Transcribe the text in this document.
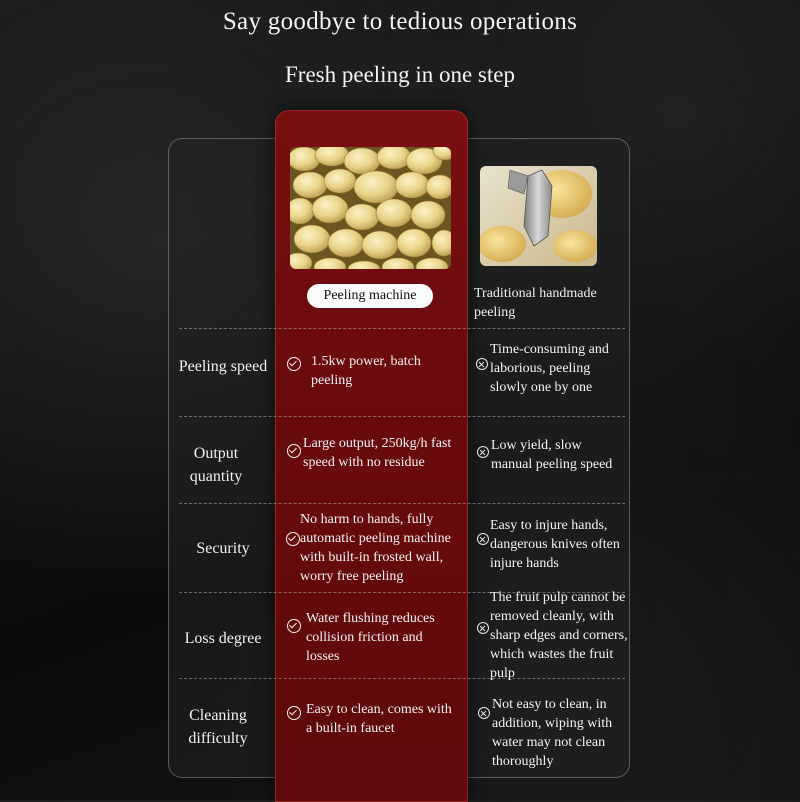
Say goodbye to tedious operations
Fresh peeling in one step
Peeling machine	Traditional handmade peeling
Peeling speed	1.5kw power, batch peeling
Time-consuming and laborious, peeling slowly one by one
Output quantity
Large output, 250kg/h fast speed with no residue
Low yield, slow manual peeling speed
Security
No harm to hands, fully automatic peeling machine with built-in frosted wall, worry free peeling
Easy to injure hands, dangerous knives often injure hands
Loss degree
Water flushing reduces collision friction and losses
The fruit pulp cannot be removed cleanly, with sharp edges and corners, which wastes the fruit pulp
Cleaning difficulty
Easy to clean, comes with a built-in faucet
Not easy to clean, in addition, wiping with water may not clean thoroughly
